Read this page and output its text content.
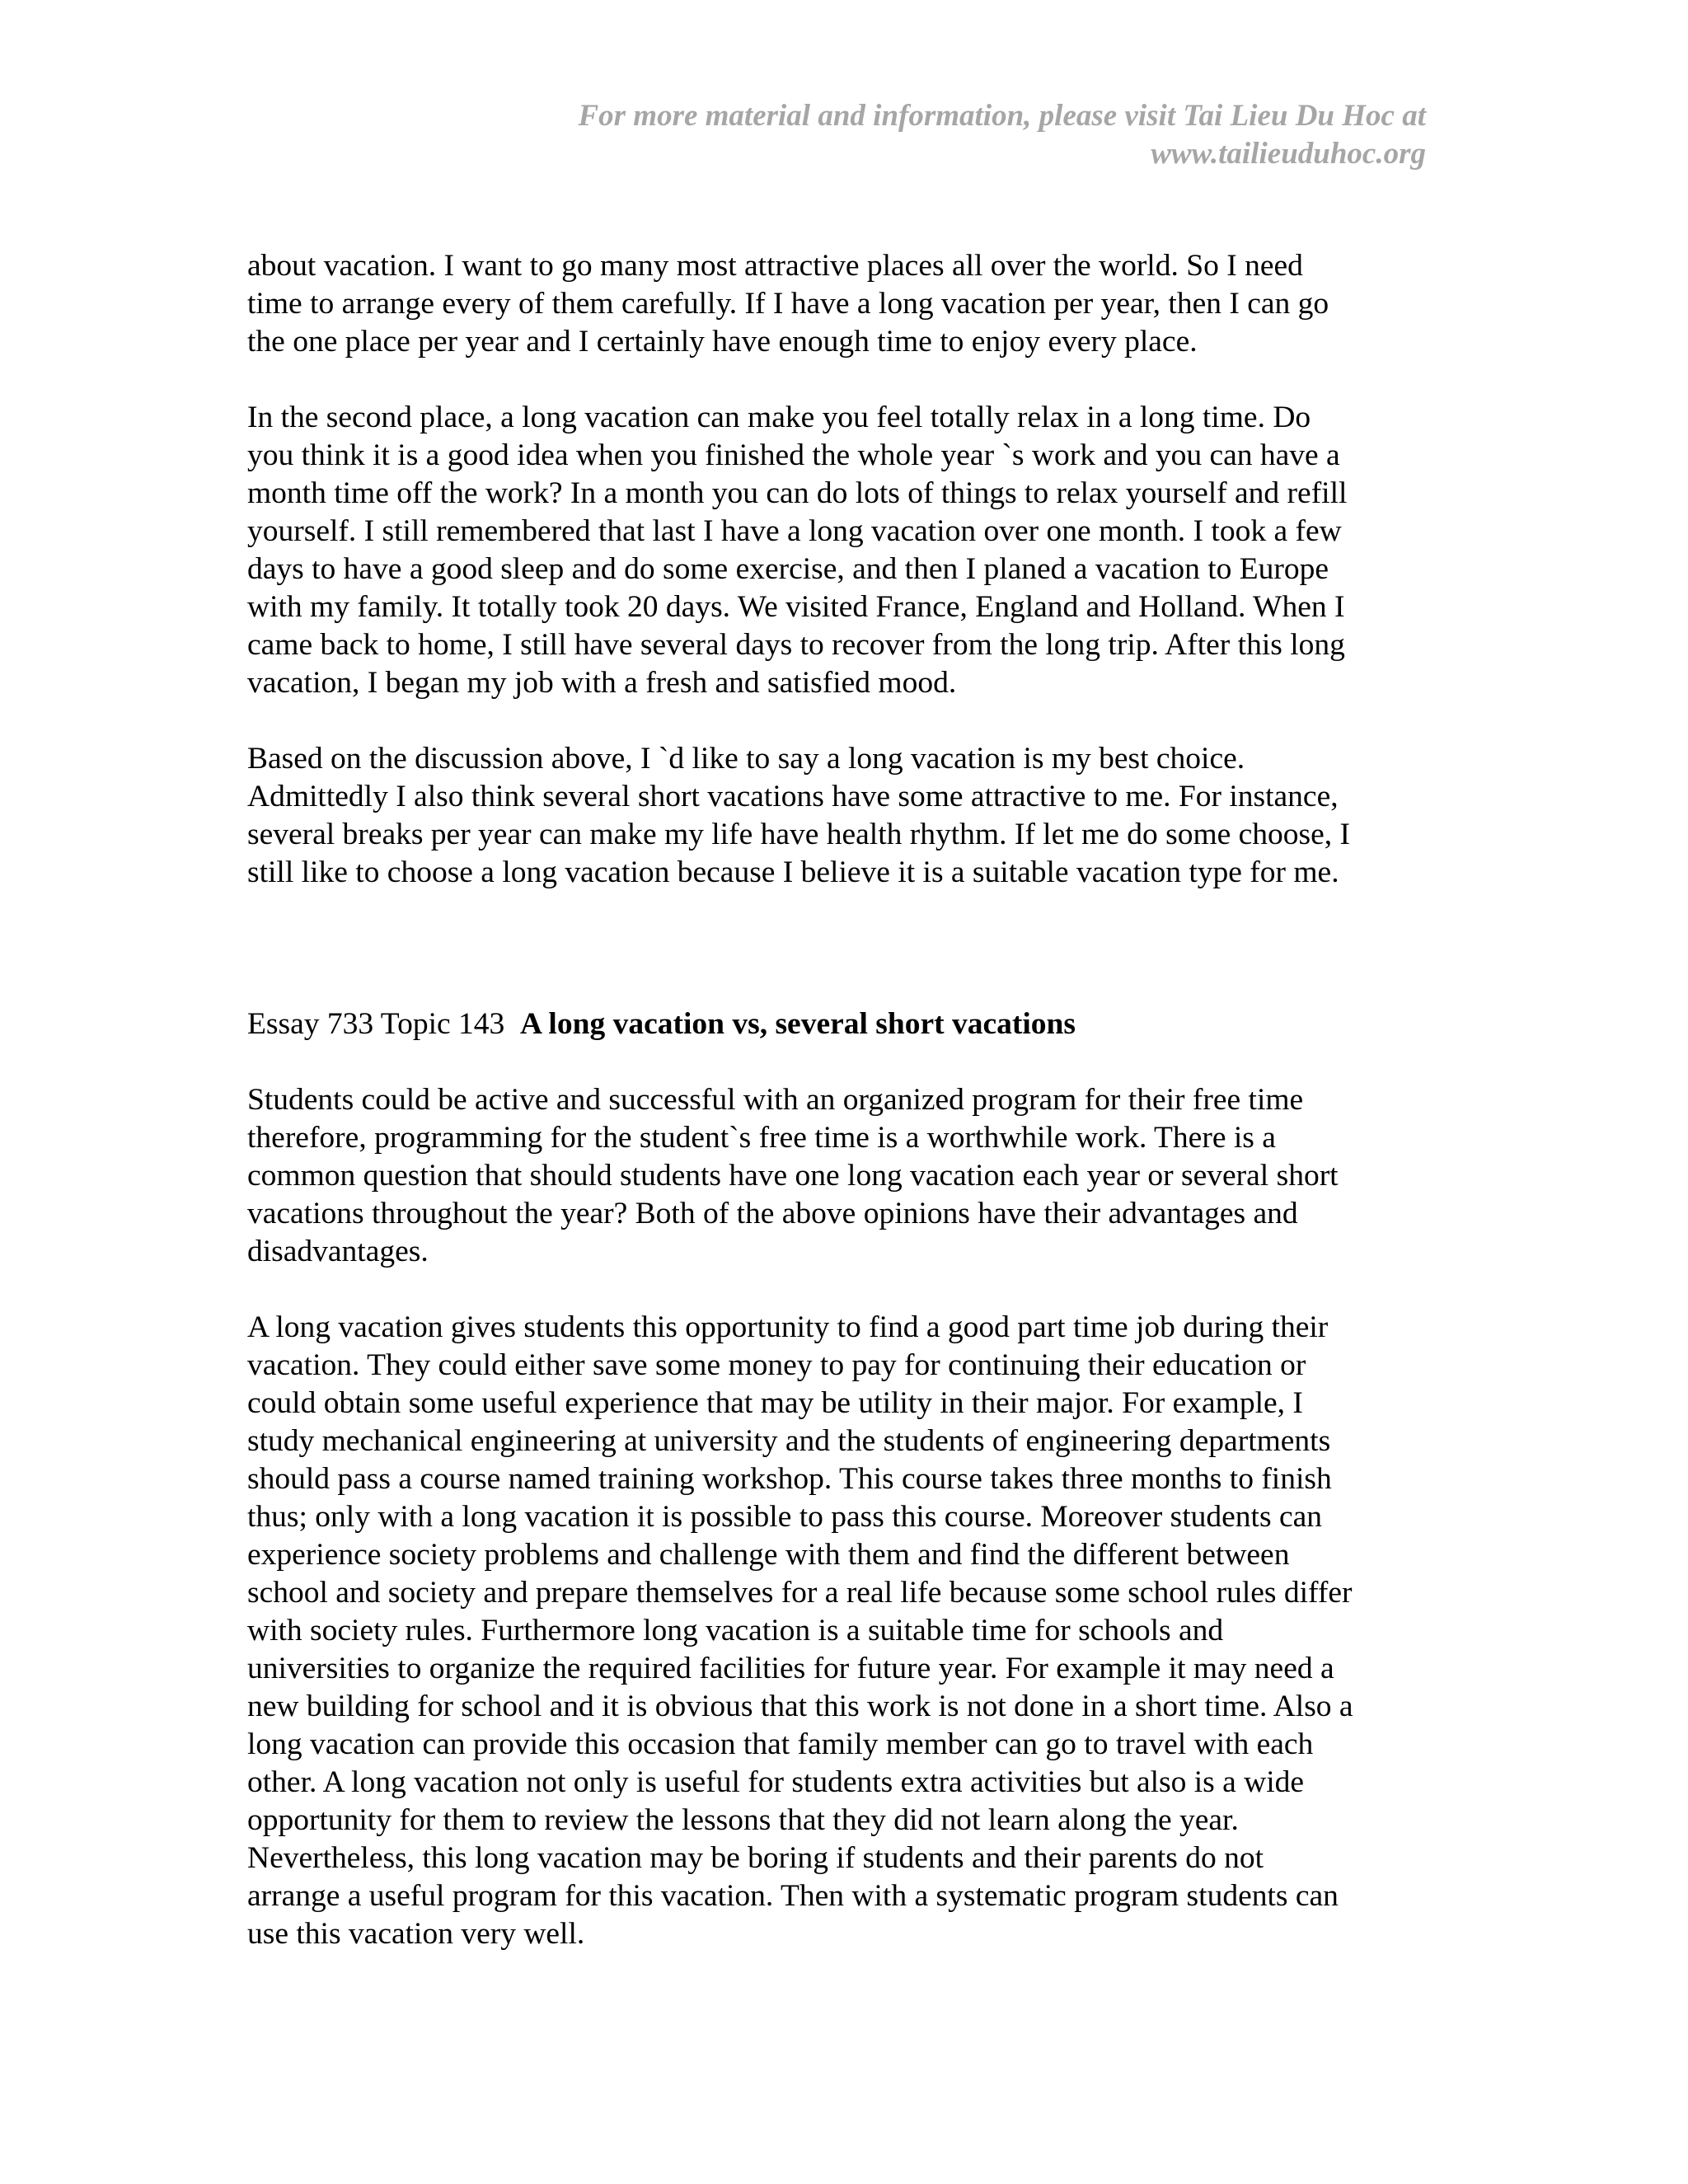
For more material and information, please visit Tai Lieu Du Hoc at
www.tailieuduhoc.org

about vacation. I want to go many most attractive places all over the world. So I need
time to arrange every of them carefully. If I have a long vacation per year, then I can go
the one place per year and I certainly have enough time to enjoy every place.

In the second place, a long vacation can make you feel totally relax in a long time. Do
you think it is a good idea when you finished the whole year `s work and you can have a
month time off the work? In a month you can do lots of things to relax yourself and refill
yourself. I still remembered that last I have a long vacation over one month. I took a few
days to have a good sleep and do some exercise, and then I planed a vacation to Europe
with my family. It totally took 20 days. We visited France, England and Holland. When I
came back to home, I still have several days to recover from the long trip. After this long
vacation, I began my job with a fresh and satisfied mood.

Based on the discussion above, I `d like to say a long vacation is my best choice.
Admittedly I also think several short vacations have some attractive to me. For instance,
several breaks per year can make my life have health rhythm. If let me do some choose, I
still like to choose a long vacation because I believe it is a suitable vacation type for me.

Essay 733 Topic 143 A long vacation vs, several short vacations

Students could be active and successful with an organized program for their free time
therefore, programming for the student`s free time is a worthwhile work. There is a
common question that should students have one long vacation each year or several short
vacations throughout the year? Both of the above opinions have their advantages and
disadvantages.

A long vacation gives students this opportunity to find a good part time job during their
vacation. They could either save some money to pay for continuing their education or
could obtain some useful experience that may be utility in their major. For example, I
study mechanical engineering at university and the students of engineering departments
should pass a course named training workshop. This course takes three months to finish
thus; only with a long vacation it is possible to pass this course. Moreover students can
experience society problems and challenge with them and find the different between
school and society and prepare themselves for a real life because some school rules differ
with society rules. Furthermore long vacation is a suitable time for schools and
universities to organize the required facilities for future year. For example it may need a
new building for school and it is obvious that this work is not done in a short time. Also a
long vacation can provide this occasion that family member can go to travel with each
other. A long vacation not only is useful for students extra activities but also is a wide
opportunity for them to review the lessons that they did not learn along the year.
Nevertheless, this long vacation may be boring if students and their parents do not
arrange a useful program for this vacation. Then with a systematic program students can
use this vacation very well.
